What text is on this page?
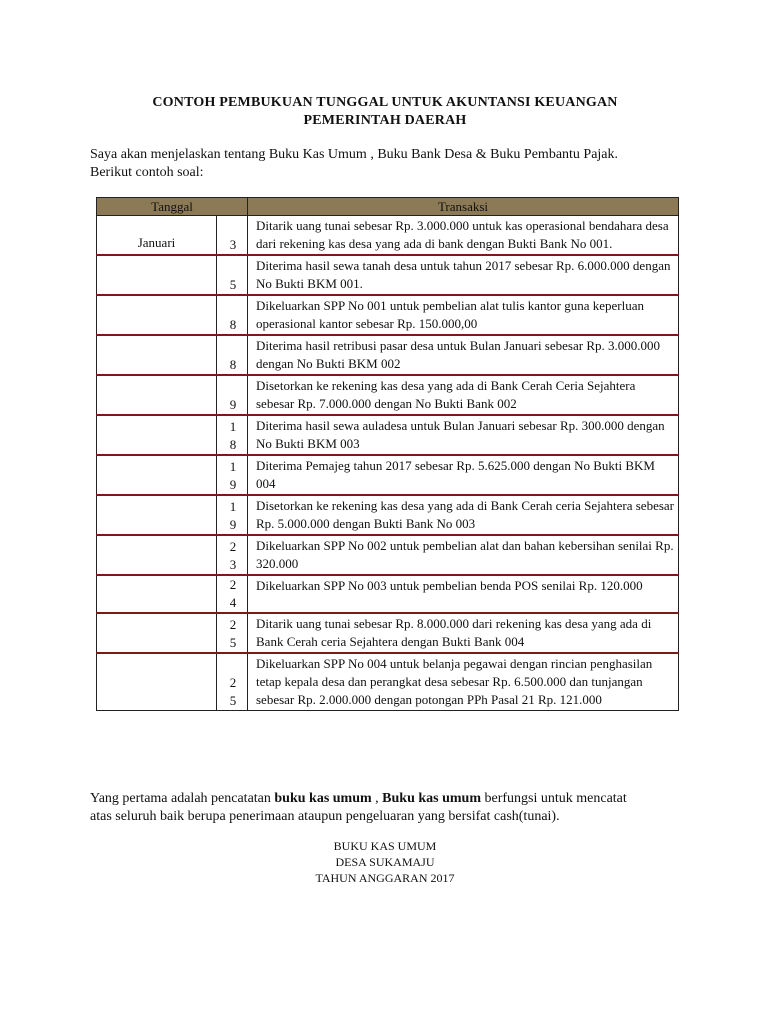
CONTOH PEMBUKUAN TUNGGAL UNTUK AKUNTANSI KEUANGAN
PEMERINTAH DAERAH
Saya akan menjelaskan tentang Buku Kas Umum , Buku Bank Desa & Buku Pembantu Pajak.
Berikut contoh soal:
Tanggal		Transaksi
Januari	3	Ditarik uang tunai sebesar Rp. 3.000.000 untuk kas operasional bendahara desa dari rekening kas desa yang ada di bank dengan Bukti Bank No 001.
	5	Diterima hasil sewa tanah desa untuk tahun 2017 sebesar Rp. 6.000.000 dengan No Bukti BKM 001.
	8	Dikeluarkan SPP No 001 untuk pembelian alat tulis kantor guna keperluan operasional kantor sebesar Rp. 150.000,00
	8	Diterima hasil retribusi pasar desa untuk Bulan Januari sebesar Rp. 3.000.000 dengan No Bukti BKM 002
	9	Disetorkan ke rekening kas desa yang ada di Bank Cerah Ceria Sejahtera sebesar Rp. 7.000.000 dengan No Bukti Bank 002
	18	Diterima hasil sewa auladesa untuk Bulan Januari sebesar Rp. 300.000 dengan No Bukti BKM 003
	19	Diterima Pemajeg tahun 2017 sebesar Rp. 5.625.000 dengan No Bukti BKM 004
	19	Disetorkan ke rekening kas desa yang ada di Bank Cerah ceria Sejahtera sebesar Rp. 5.000.000 dengan Bukti Bank No 003
	23	Dikeluarkan SPP No 002 untuk pembelian alat dan bahan kebersihan senilai Rp. 320.000
	24	Dikeluarkan SPP No 003 untuk pembelian benda POS senilai Rp. 120.000
	25	Ditarik uang tunai sebesar Rp. 8.000.000 dari rekening kas desa yang ada di Bank Cerah ceria Sejahtera dengan Bukti Bank 004
	25	Dikeluarkan SPP No 004 untuk belanja pegawai dengan rincian penghasilan tetap kepala desa dan perangkat desa sebesar Rp. 6.500.000 dan tunjangan sebesar Rp. 2.000.000 dengan potongan PPh Pasal 21 Rp. 121.000
Yang pertama adalah pencatatan buku kas umum , Buku kas umum berfungsi untuk mencatat
atas seluruh baik berupa penerimaan ataupun pengeluaran yang bersifat cash(tunai).
BUKU KAS UMUM
DESA SUKAMAJU
TAHUN ANGGARAN 2017
